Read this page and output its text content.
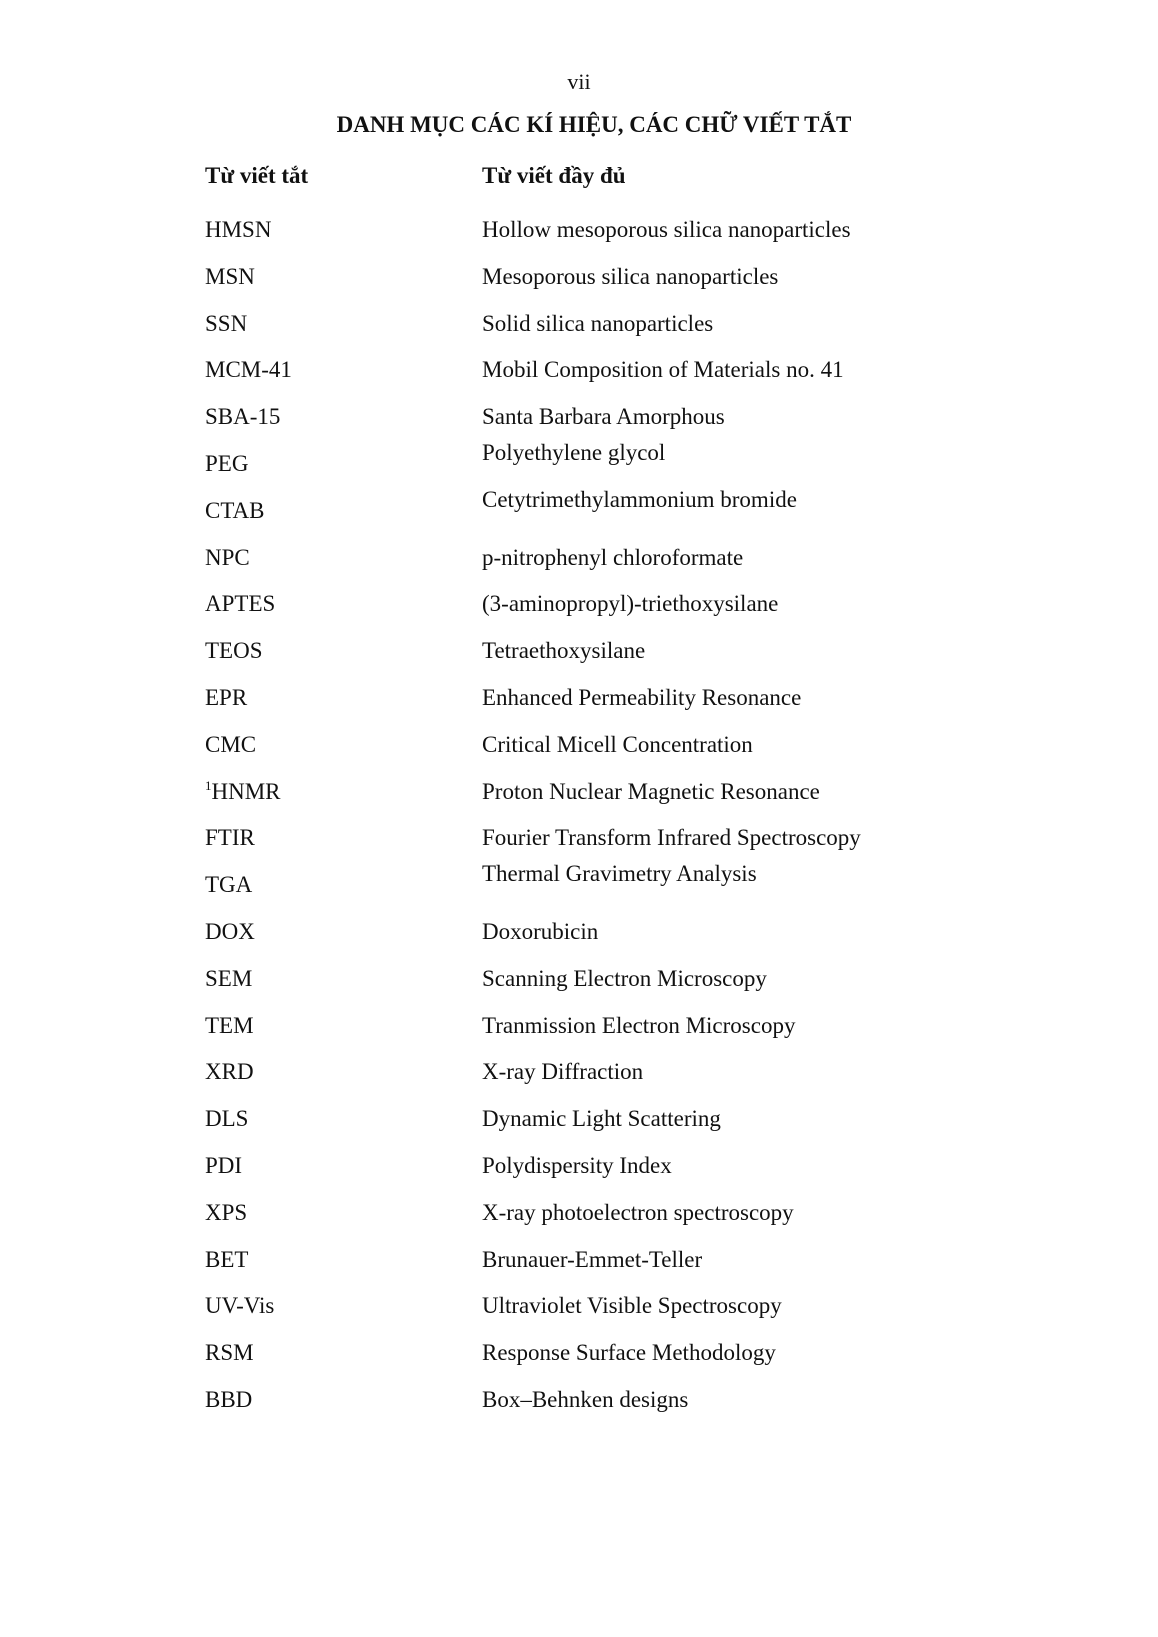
vii
DANH MỤC CÁC KÍ HIỆU, CÁC CHỮ VIẾT TẮT
Từ viết tắt	Từ viết đầy đủ
HMSN	Hollow mesoporous silica nanoparticles
MSN	Mesoporous silica nanoparticles
SSN	Solid silica nanoparticles
MCM-41	Mobil Composition of Materials no. 41
SBA-15	Santa Barbara Amorphous
PEG	Polyethylene glycol
CTAB	Cetytrimethylammonium bromide
NPC	p-nitrophenyl chloroformate
APTES	(3-aminopropyl)-triethoxysilane
TEOS	Tetraethoxysilane
EPR	Enhanced Permeability Resonance
CMC	Critical Micell Concentration
$^1$HNMR	Proton Nuclear Magnetic Resonance
FTIR	Fourier Transform Infrared Spectroscopy
TGA	Thermal Gravimetry Analysis
DOX	Doxorubicin
SEM	Scanning Electron Microscopy
TEM	Tranmission Electron Microscopy
XRD	X-ray Diffraction
DLS	Dynamic Light Scattering
PDI	Polydispersity Index
XPS	X-ray photoelectron spectroscopy
BET	Brunauer-Emmet-Teller
UV-Vis	Ultraviolet Visible Spectroscopy
RSM	Response Surface Methodology
BBD	Box–Behnken designs
